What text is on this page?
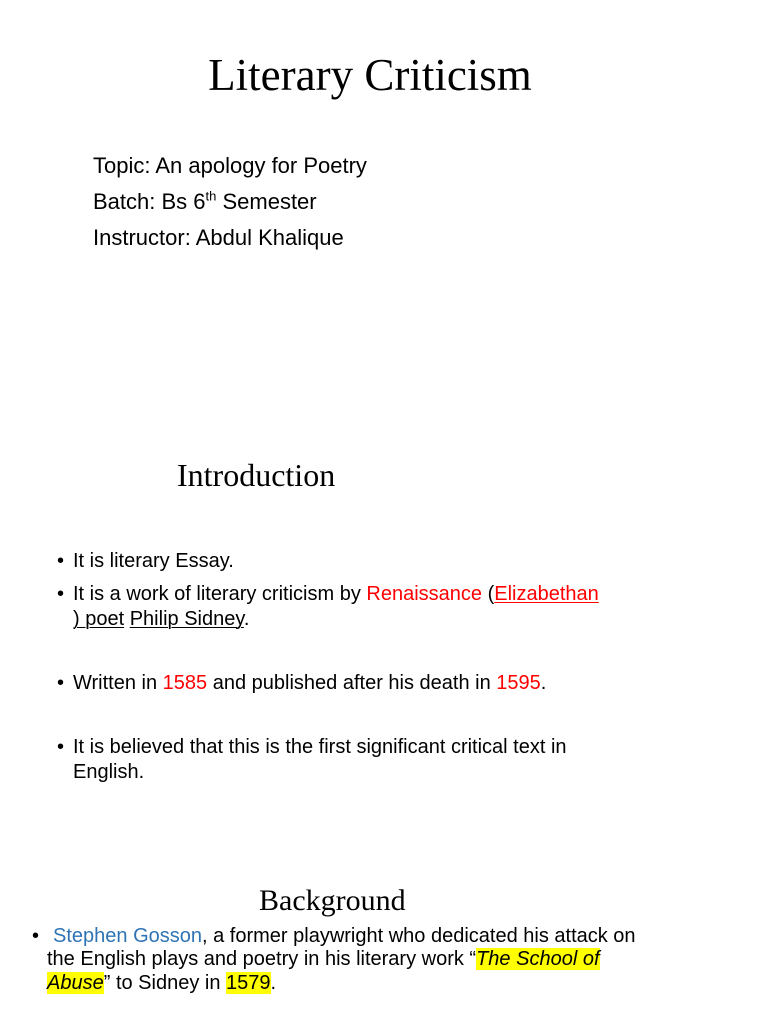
Literary Criticism
Topic: An apology for Poetry
Batch: Bs 6th Semester
Instructor: Abdul Khalique
Introduction
• It is literary Essay.
• It is a work of literary criticism by Renaissance (Elizabethan
) poet Philip Sidney.
• Written in 1585 and published after his death in 1595.
• It is believed that this is the first significant critical text in
English.
Background
• Stephen Gosson, a former playwright who dedicated his attack on
the English plays and poetry in his literary work “The School of
Abuse” to Sidney in 1579.
